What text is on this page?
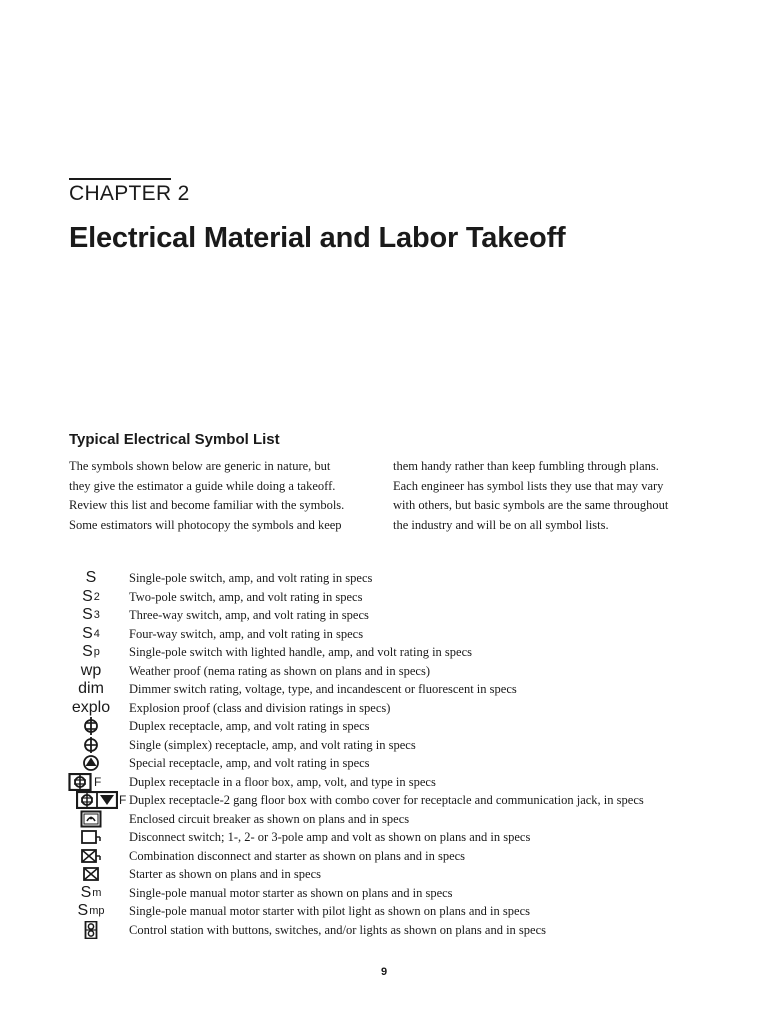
CHAPTER 2
Electrical Material and Labor Takeoff
Typical Electrical Symbol List
The symbols shown below are generic in nature, but
they give the estimator a guide while doing a takeoff.
Review this list and become familiar with the symbols.
Some estimators will photocopy the symbols and keep
them handy rather than keep fumbling through plans.
Each engineer has symbol lists they use that may vary
with others, but basic symbols are the same throughout
the industry and will be on all symbol lists.
S	Single-pole switch, amp, and volt rating in specs
S 2 Two-pole switch, amp, and volt rating in specs
S 3 Three-way switch, amp, and volt rating in specs
S 4 Four-way switch, amp, and volt rating in specs
S p Single-pole switch with lighted handle, amp, and volt rating in specs
wp Weather proof (nema rating as shown on plans and in specs)
dim Dimmer switch rating, voltage, type, and incandescent or fluorescent in specs
explo Explosion proof (class and division ratings in specs)
Duplex receptacle, amp, and volt rating in specs
Single (simplex) receptacle, amp, and volt rating in specs
Special receptacle, amp, and volt rating in specs
F Duplex receptacle in a floor box, amp, volt, and type in specs
F Duplex receptacle-2 gang floor box with combo cover for receptacle and communication jack, in specs
Enclosed circuit breaker as shown on plans and in specs
Disconnect switch; 1-, 2- or 3-pole amp and volt as shown on plans and in specs
Combination disconnect and starter as shown on plans and in specs
Starter as shown on plans and in specs
S m Single-pole manual motor starter as shown on plans and in specs
S mp Single-pole manual motor starter with pilot light as shown on plans and in specs
Control station with buttons, switches, and/or lights as shown on plans and in specs
9
